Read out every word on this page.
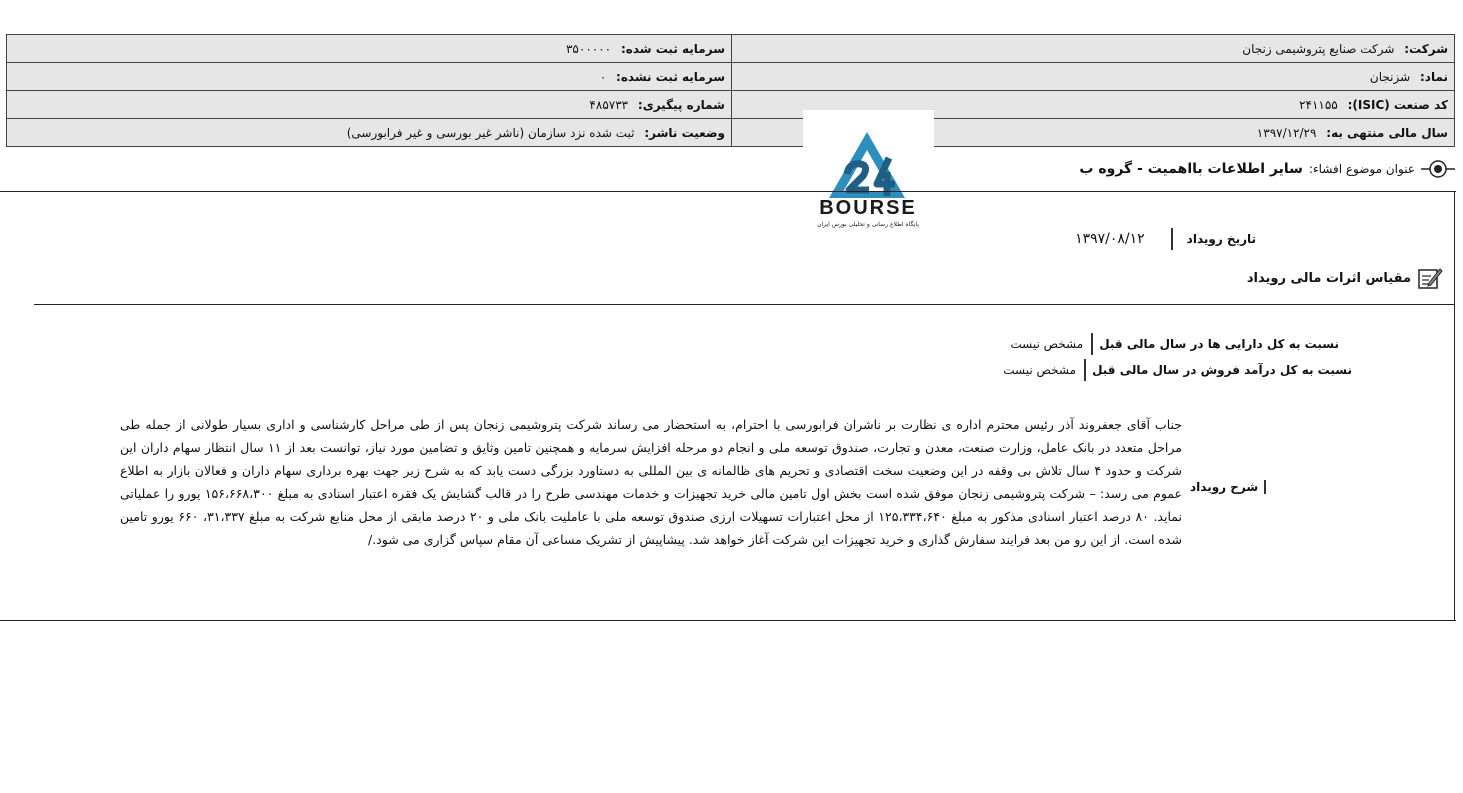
شرکت: شرکت صنایع پتروشیمی زنجان	سرمایه ثبت شده: ۳۵۰۰۰۰۰
نماد: شزنجان	سرمایه ثبت نشده: ۰
کد صنعت (ISIC): ۲۴۱۱۵۵	شماره پیگیری: ۴۸۵۷۳۳
سال مالی منتهی به: ۱۳۹۷/۱۲/۲۹	وضعیت ناشر: ثبت شده نزد سازمان (ناشر غیر بورسی و غیر فرابورسی)
BOURSE
پایگاه اطلاع رسانی و تحلیلی بورس ایران
عنوان موضوع افشاء:
سایر اطلاعات بااهمیت - گروه ب
تاریخ رویداد
۱۳۹۷/۰۸/۱۲
مقیاس اثرات مالی رویداد
نسبت به کل دارایی ها در سال مالی قبل
مشخص نیست
نسبت به کل درآمد فروش در سال مالی قبل
مشخص نیست
شرح رویداد
جناب آقای جعفروند آذر رئیس محترم اداره ی نظارت بر ناشران فرابورسی با احترام، به استحضار می رساند شرکت پتروشیمی زنجان پس از طی مراحل کارشناسی و اداری بسیار طولانی از جمله طی مراحل متعدد در بانک عامل، وزارت صنعت، معدن و تجارت، صندوق توسعه ملی و انجام دو مرحله افزایش سرمایه و همچنین تامین وثایق و تضامین مورد نیاز، توانست بعد از ۱۱ سال انتظار سهام داران این شرکت و حدود ۴ سال تلاش بی وقفه در این وضعیت سخت اقتصادی و تحریم های ظالمانه ی بین المللی به دستاورد بزرگی دست یابد که به شرح زیر جهت بهره برداری سهام داران و فعالان بازار به اطلاع عموم می رسد: – شرکت پتروشیمی زنجان موفق شده است بخش اول تامین مالی خرید تجهیزات و خدمات مهندسی طرح را در قالب گشایش یک فقره اعتبار اسنادی به مبلغ ۱۵۶،۶۶۸،۳۰۰ یورو را عملیاتی نماید. ۸۰ درصد اعتبار اسنادی مذکور به مبلغ ۱۲۵،۳۳۴،۶۴۰ از محل اعتبارات تسهیلات ارزی صندوق توسعه ملی با عاملیت بانک ملی و ۲۰ درصد مابقی از محل منابع شرکت به مبلغ ۳۱،۳۳۷، ۶۶۰ یورو تامین شده است. از این رو من بعد فرایند سفارش گذاری و خرید تجهیزات این شرکت آغاز خواهد شد. پیشاپیش از تشریک مساعی آن مقام سپاس گزاری می شود./
